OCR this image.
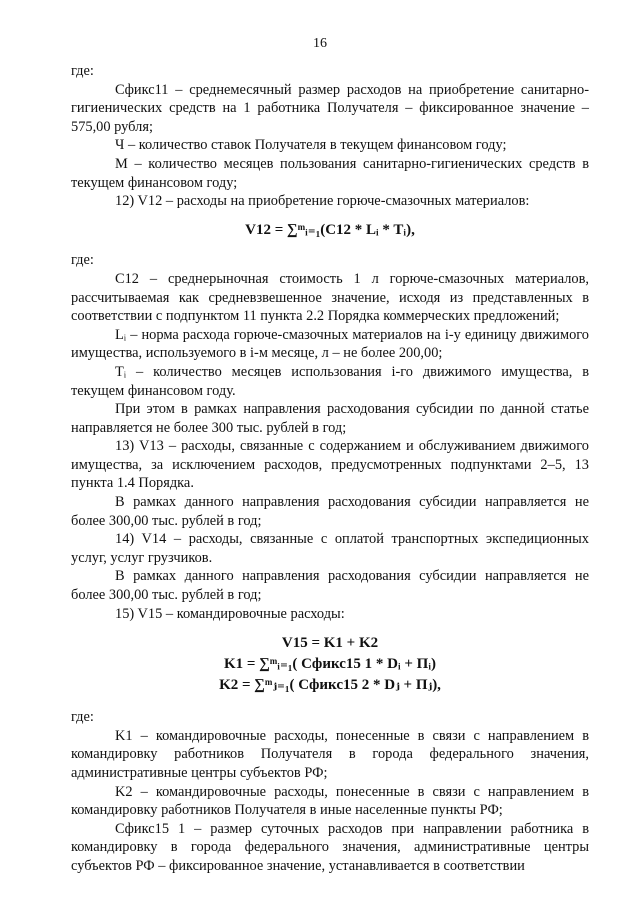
16

где:

Сфикс11 – среднемесячный размер расходов на приобретение санитарно-гигиенических средств на 1 работника Получателя – фиксированное значение – 575,00 рубля;

Ч – количество ставок Получателя в текущем финансовом году;

М – количество месяцев пользования санитарно-гигиенических средств в текущем финансовом году;

12) V12 – расходы на приобретение горюче-смазочных материалов:

V12 = ∑ᵐᵢ₌₁(C12 * Lᵢ * Tᵢ),

где:

C12 – среднерыночная стоимость 1 л горюче-смазочных материалов, рассчитываемая как средневзвешенное значение, исходя из представленных в соответствии с подпунктом 11 пункта 2.2 Порядка коммерческих предложений;

Lᵢ – норма расхода горюче-смазочных материалов на i-у единицу движимого имущества, используемого в i-м месяце, л – не более 200,00;

Tᵢ – количество месяцев использования i-го движимого имущества, в текущем финансовом году.

При этом в рамках направления расходования субсидии по данной статье направляется не более 300 тыс. рублей в год;

13) V13 – расходы, связанные с содержанием и обслуживанием движимого имущества, за исключением расходов, предусмотренных подпунктами 2–5, 13 пункта 1.4 Порядка.

В рамках данного направления расходования субсидии направляется не более 300,00 тыс. рублей в год;

14) V14 – расходы, связанные с оплатой транспортных экспедиционных услуг, услуг грузчиков.

В рамках данного направления расходования субсидии направляется не более 300,00 тыс. рублей в год;

15) V15 – командировочные расходы:

V15 = K1 + K2
K1 = ∑ᵐᵢ₌₁( Cфикс15 1 * Dᵢ + Πᵢ)
K2 = ∑ᵐⱼ₌₁( Cфикс15 2 * Dⱼ + Πⱼ),

где:

K1 – командировочные расходы, понесенные в связи с направлением в командировку работников Получателя в города федерального значения, административные центры субъектов РФ;

K2 – командировочные расходы, понесенные в связи с направлением в командировку работников Получателя в иные населенные пункты РФ;

Сфикс15 1 – размер суточных расходов при направлении работника в командировку в города федерального значения, административные центры субъектов РФ – фиксированное значение, устанавливается в соответствии
